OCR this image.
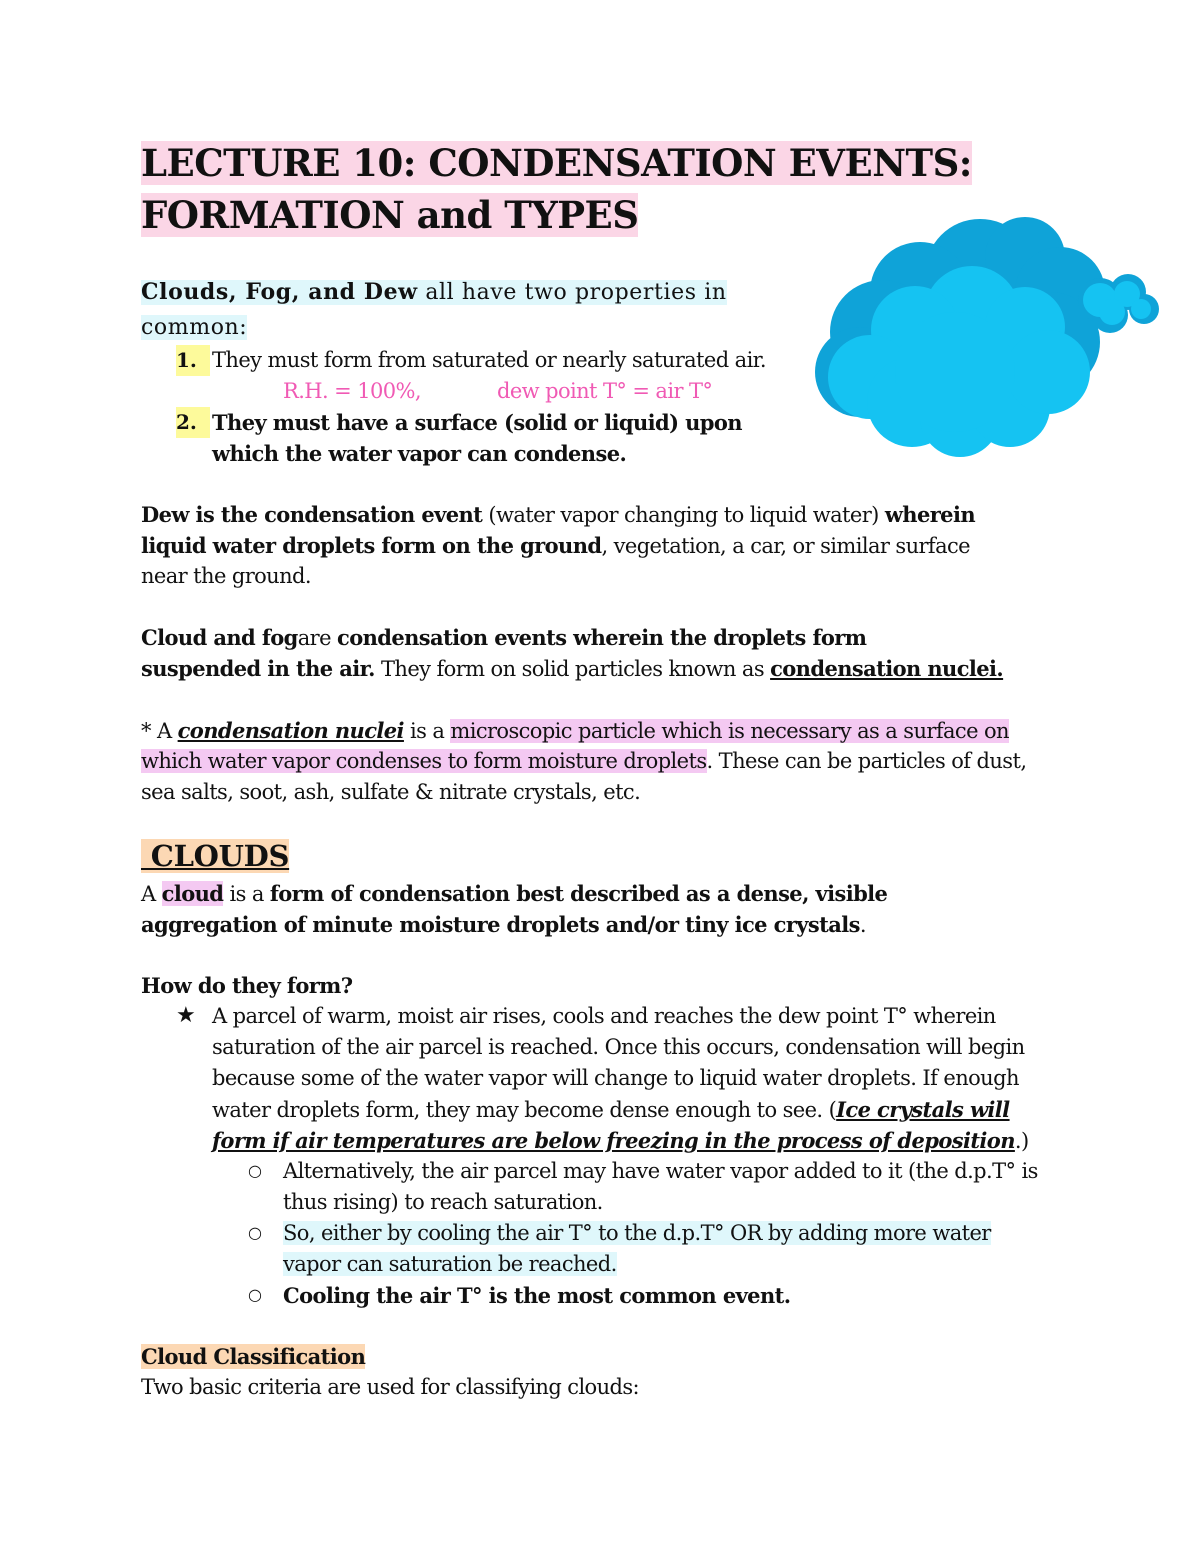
LECTURE 10: CONDENSATION EVENTS:
FORMATION and TYPES
Clouds, Fog, and Dew all have two properties in
common:
1. They must form from saturated or nearly saturated air.
R.H. = 100%,	dew point T° = air T°
2. They must have a surface (solid or liquid) upon
which the water vapor can condense.
Dew is the condensation event (water vapor changing to liquid water) wherein
liquid water droplets form on the ground, vegetation, a car, or similar surface
near the ground.
Cloud and fogare condensation events wherein the droplets form
suspended in the air. They form on solid particles known as condensation nuclei.
* A condensation nuclei is a microscopic particle which is necessary as a surface on
which water vapor condenses to form moisture droplets. These can be particles of dust,
sea salts, soot, ash, sulfate & nitrate crystals, etc.
CLOUDS
A cloud is a form of condensation best described as a dense, visible
aggregation of minute moisture droplets and/or tiny ice crystals.
How do they form?
★ A parcel of warm, moist air rises, cools and reaches the dew point T° wherein
saturation of the air parcel is reached. Once this occurs, condensation will begin
because some of the water vapor will change to liquid water droplets. If enough
water droplets form, they may become dense enough to see. (Ice crystals will
form if air temperatures are below freezing in the process of deposition.)
○ Alternatively, the air parcel may have water vapor added to it (the d.p.T° is
thus rising) to reach saturation.
○ So, either by cooling the air T° to the d.p.T° OR by adding more water
vapor can saturation be reached.
○ Cooling the air T° is the most common event.
Cloud Classification
Two basic criteria are used for classifying clouds:
